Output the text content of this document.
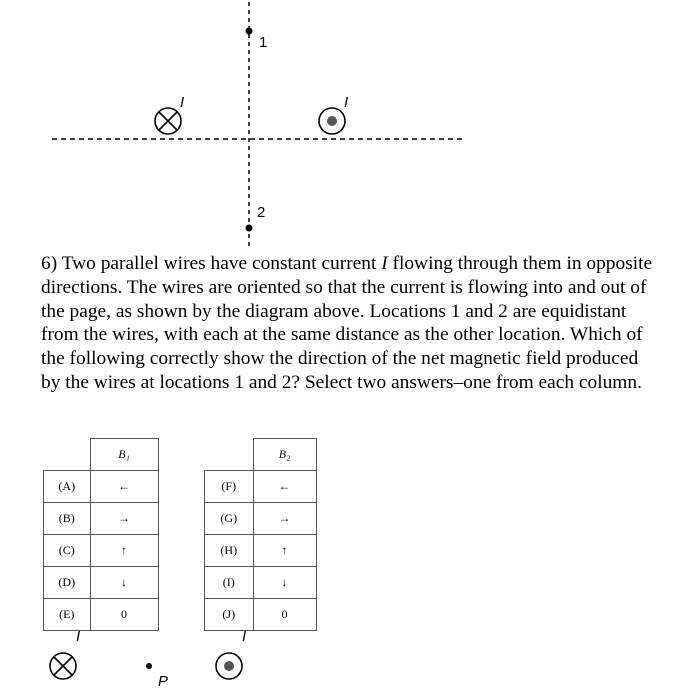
1
2
I	I
6) Two parallel wires have constant current I flowing through them in opposite directions. The wires are oriented so that the current is flowing into and out of the page, as shown by the diagram above. Locations 1 and 2 are equidistant from the wires, with each at the same distance as the other location. Which of the following correctly show the direction of the net magnetic field produced by the wires at locations 1 and 2? Select two answers–one from each column.
	B₁
(A)	←
(B)	→
(C)	↑
(D)	↓
(E)	0
	B₂
(F)	←
(G)	→
(H)	↑
(I)	↓
(J)	0
I	I
P
